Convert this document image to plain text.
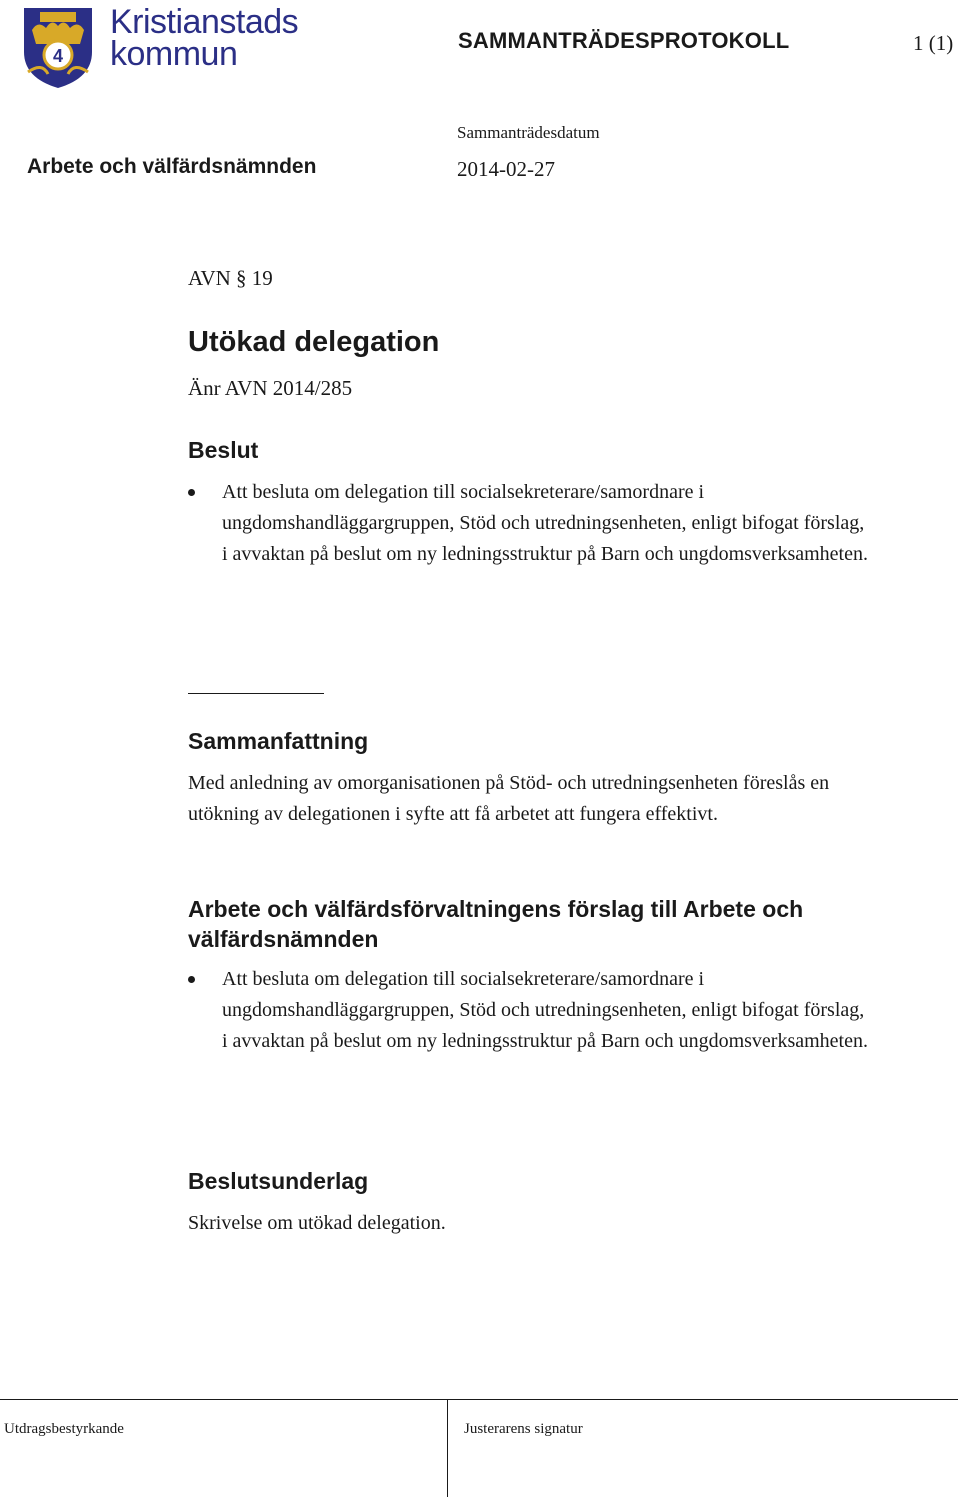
4
Kristianstads
kommun	SAMMANTRÄDESPROTOKOLL	1 (1)
Sammanträdesdatum
Arbete och välfärdsnämnden	2014-02-27
AVN § 19
Utökad delegation
Änr AVN 2014/285
Beslut
Att besluta om delegation till socialsekreterare/samordnare i ungdomshandläggargruppen, Stöd och utredningsenheten, enligt bifogat förslag, i avvaktan på beslut om ny ledningsstruktur på Barn och ungdomsverksamheten.
Sammanfattning
Med anledning av omorganisationen på Stöd- och utredningsenheten föreslås en utökning av delegationen i syfte att få arbetet att fungera effektivt.
Arbete och välfärdsförvaltningens förslag till Arbete och välfärdsnämnden
Att besluta om delegation till socialsekreterare/samordnare i ungdomshandläggargruppen, Stöd och utredningsenheten, enligt bifogat förslag, i avvaktan på beslut om ny ledningsstruktur på Barn och ungdomsverksamheten.
Beslutsunderlag
Skrivelse om utökad delegation.
Utdragsbestyrkande	Justerarens signatur
